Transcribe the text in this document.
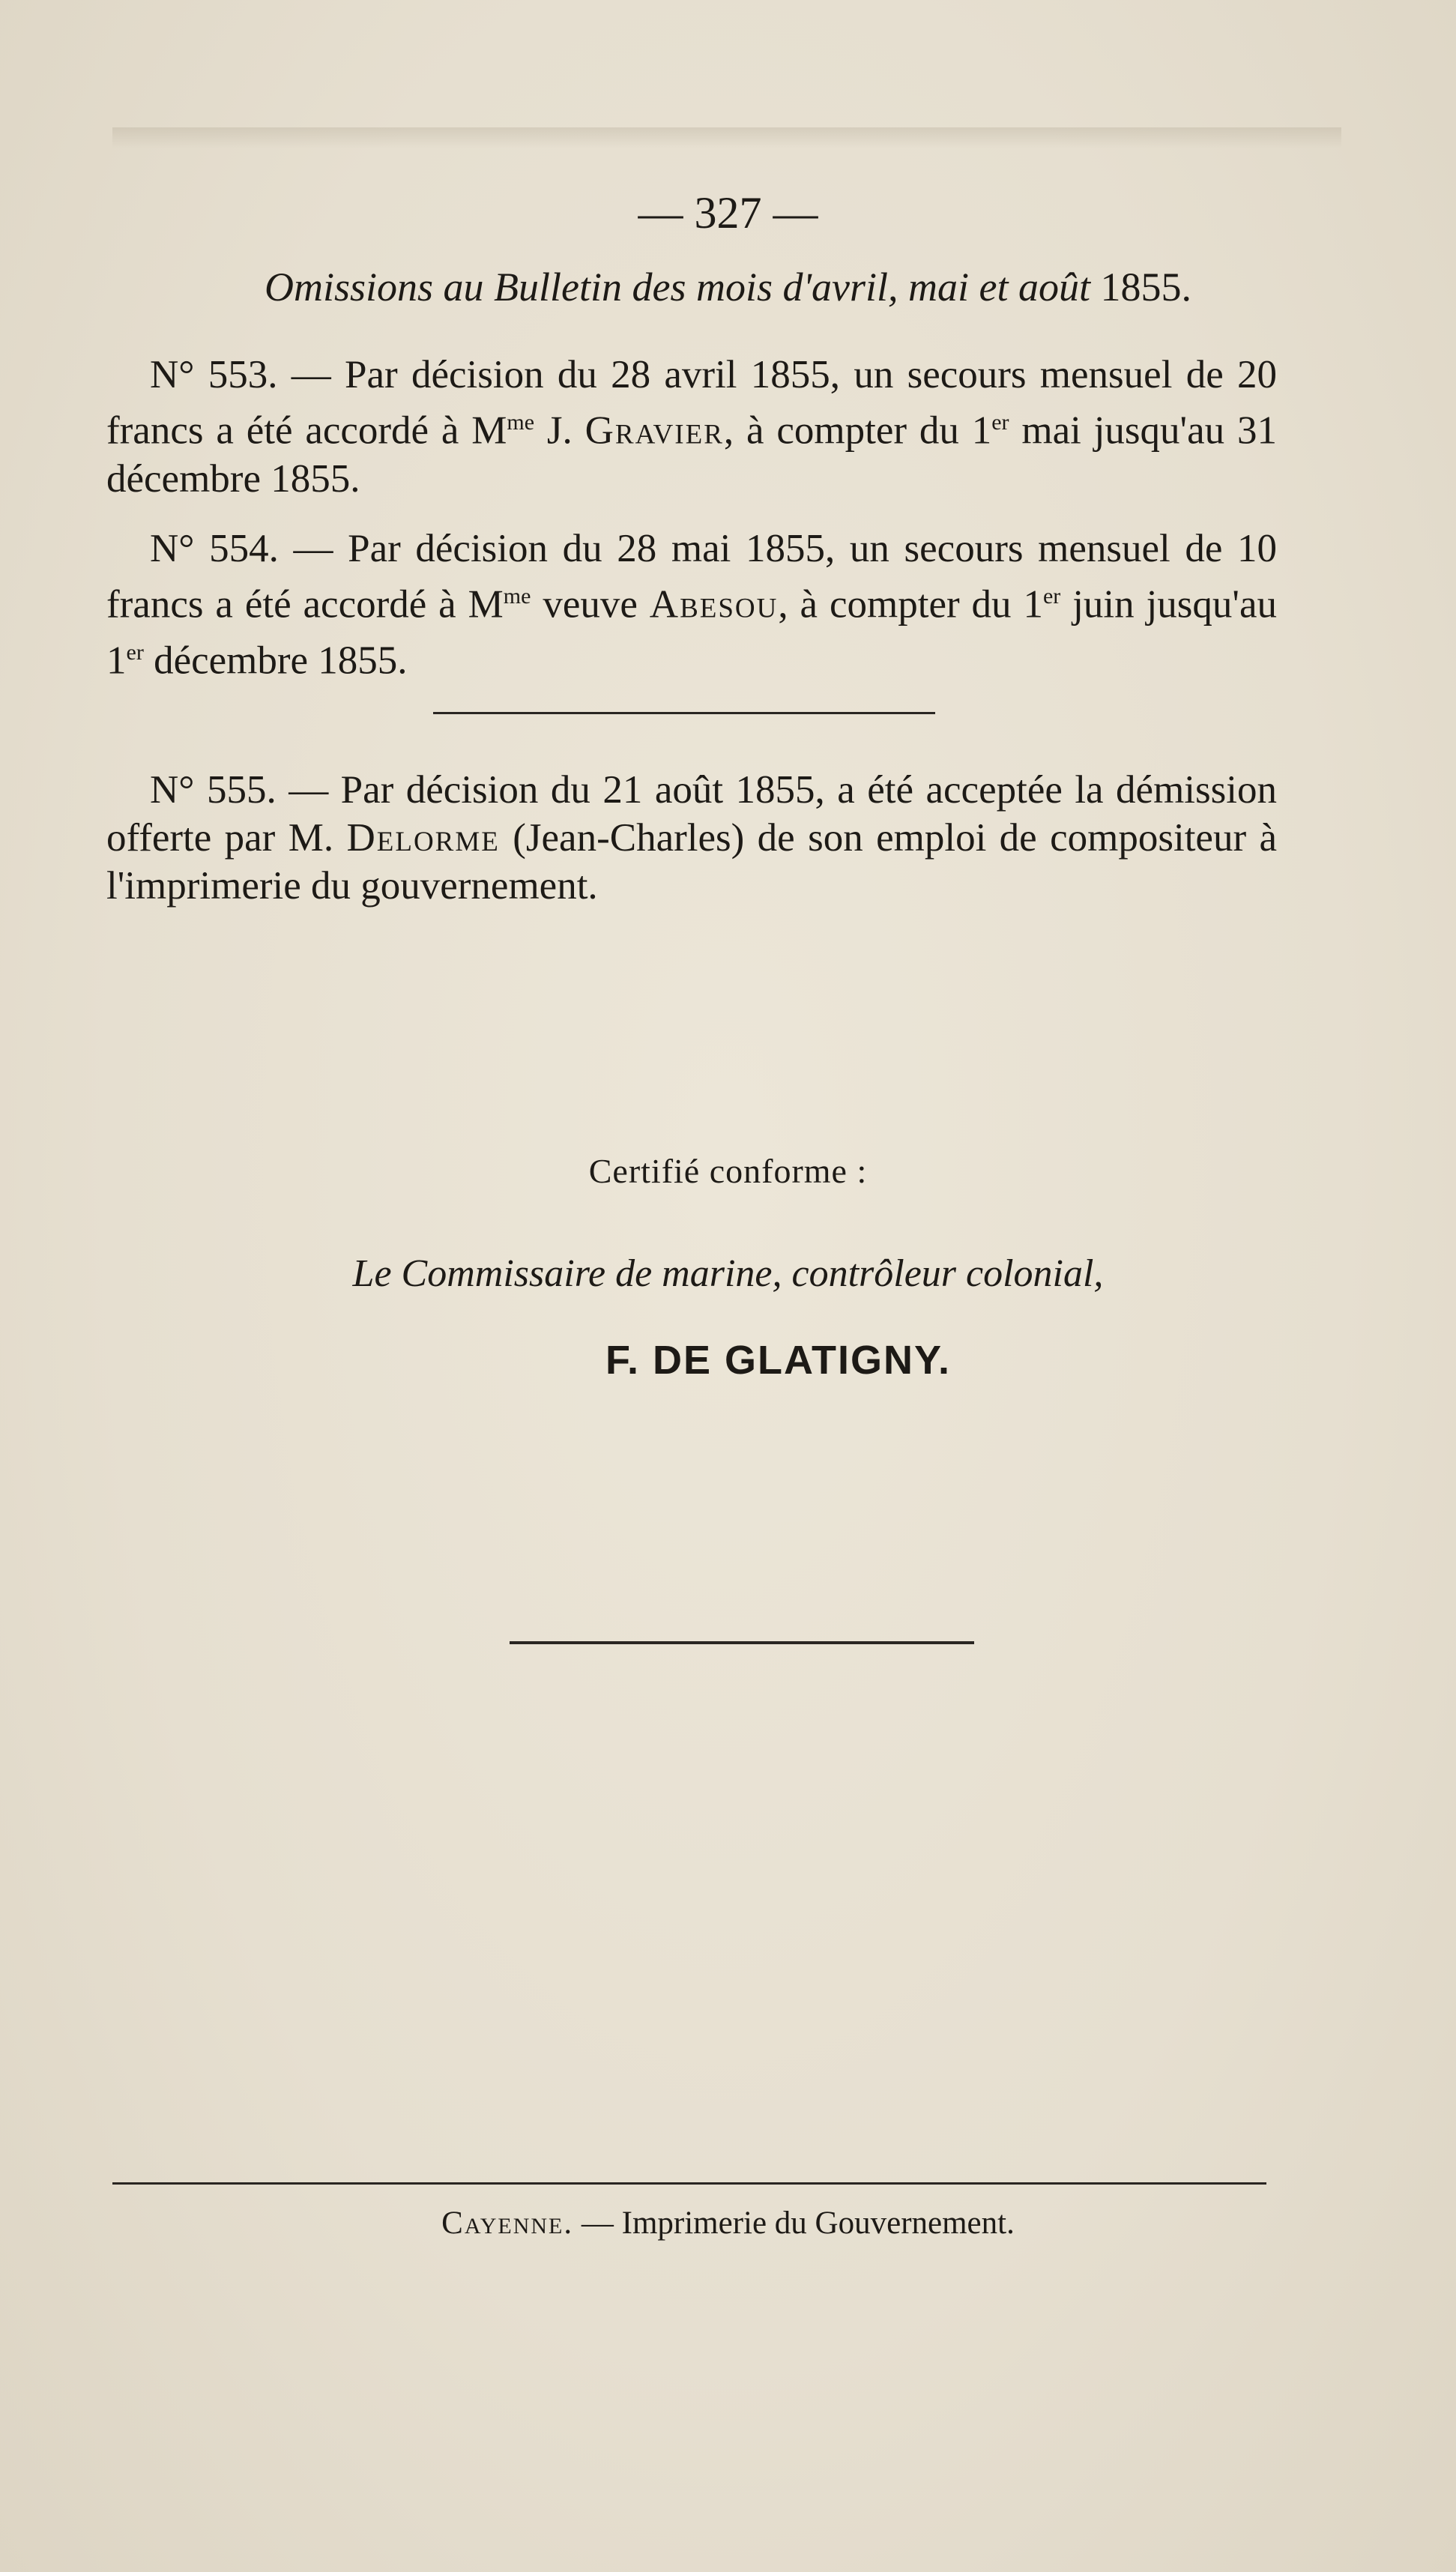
— 327 —
Omissions au Bulletin des mois d'avril, mai et août 1855.
N° 553. — Par décision du 28 avril 1855, un secours mensuel de 20 francs a été accordé à $M^{me}$ J. Gravier, à compter du 1er mai jusqu'au 31 décembre 1855.
N° 554. — Par décision du 28 mai 1855, un secours mensuel de 10 francs a été accordé à $M^{me}$ veuve Abesou, à compter du 1er juin jusqu'au 1er décembre 1855.
N° 555. — Par décision du 21 août 1855, a été acceptée la démission offerte par M. Delorme (Jean-Charles) de son emploi de compositeur à l'imprimerie du gouvernement.
Certifié conforme :
Le Commissaire de marine, contrôleur colonial,
F. DE GLATIGNY.
Cayenne. — Imprimerie du Gouvernement.
